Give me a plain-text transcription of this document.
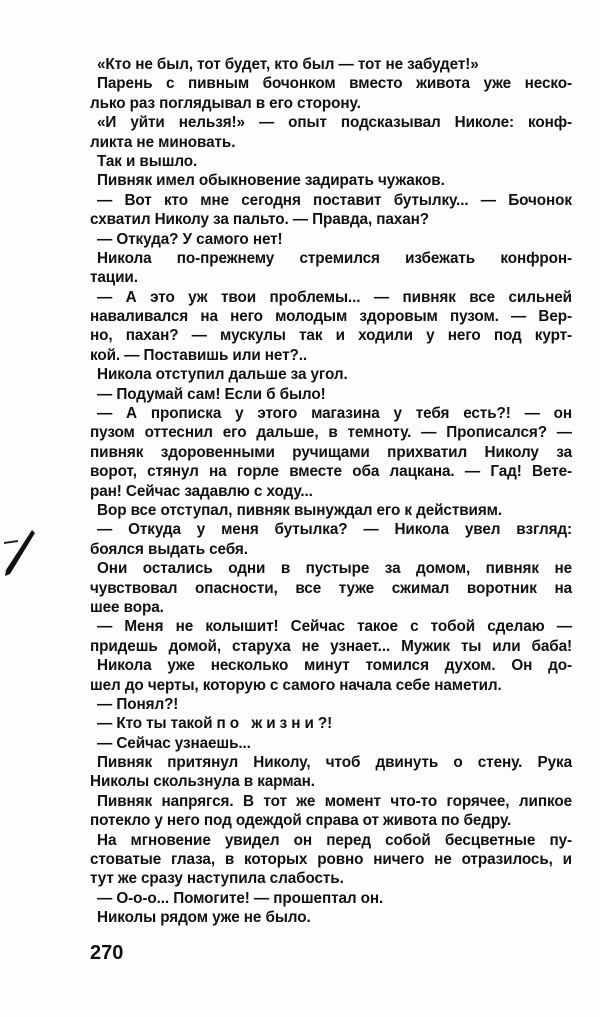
«Кто не был, тот будет, кто был — тот не забудет!»
Парень с пивным бочонком вместо живота уже неско-
лько раз поглядывал в его сторону.
«И уйти нельзя!» — опыт подсказывал Николе: конф-
ликта не миновать.
Так и вышло.
Пивняк имел обыкновение задирать чужаков.
— Вот кто мне сегодня поставит бутылку... — Бочонок
схватил Николу за пальто. — Правда, пахан?
— Откуда? У самого нет!
Никола по-прежнему стремился избежать конфрон-
тации.
— А это уж твои проблемы... — пивняк все сильней
наваливался на него молодым здоровым пузом. — Вер-
но, пахан? — мускулы так и ходили у него под курт-
кой. — Поставишь или нет?..
Никола отступил дальше за угол.
— Подумай сам! Если б было!
— А прописка у этого магазина у тебя есть?! — он
пузом оттеснил его дальше, в темноту. — Прописался? —
пивняк здоровенными ручищами прихватил Николу за
ворот, стянул на горле вместе оба лацкана. — Гад! Вете-
ран! Сейчас задавлю с ходу...
Вор все отступал, пивняк вынуждал его к действиям.
— Откуда у меня бутылка? — Никола увел взгляд:
боялся выдать себя.
Они остались одни в пустыре за домом, пивняк не
чувствовал опасности, все туже сжимал воротник на
шее вора.
— Меня не колышит! Сейчас такое с тобой сделаю —
придешь домой, старуха не узнает... Мужик ты или баба!
Никола уже несколько минут томился духом. Он до-
шел до черты, которую с самого начала себе наметил.
— Понял?!
— Кто ты такой по жизни?!
— Сейчас узнаешь...
Пивняк притянул Николу, чтоб двинуть о стену. Рука
Николы скользнула в карман.
Пивняк напрягся. В тот же момент что-то горячее, липкое
потекло у него под одеждой справа от живота по бедру.
На мгновение увидел он перед собой бесцветные пу-
стоватые глаза, в которых ровно ничего не отразилось, и
тут же сразу наступила слабость.
— О-о-о... Помогите! — прошептал он.
Николы рядом уже не было.
270
